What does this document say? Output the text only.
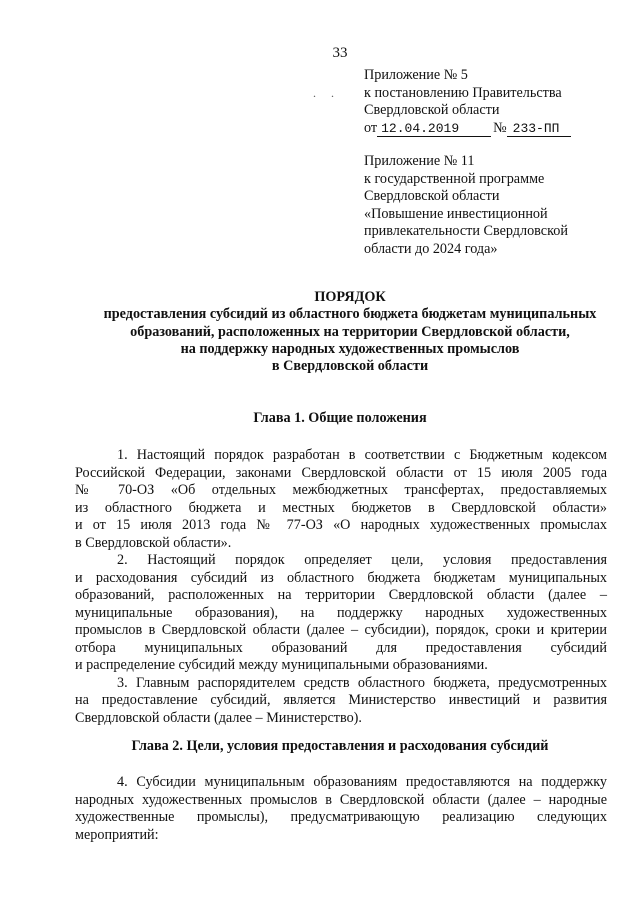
33
. .
Приложение № 5
к постановлению Правительства
Свердловской области
от 12.04.2019 № 233-ПП
Приложение № 11
к государственной программе
Свердловской области
«Повышение инвестиционной
привлекательности Свердловской
области до 2024 года»
ПОРЯДОК
предоставления субсидий из областного бюджета бюджетам муниципальных
образований, расположенных на территории Свердловской области,
на поддержку народных художественных промыслов
в Свердловской области
Глава 1. Общие положения
1. Настоящий порядок разработан в соответствии с Бюджетным кодексом
Российской Федерации, законами Свердловской области от 15 июля 2005 года
№ 70-ОЗ «Об отдельных межбюджетных трансфертах, предоставляемых
из областного бюджета и местных бюджетов в Свердловской области»
и от 15 июля 2013 года № 77-ОЗ «О народных художественных промыслах
в Свердловской области».
2. Настоящий порядок определяет цели, условия предоставления
и расходования субсидий из областного бюджета бюджетам муниципальных
образований, расположенных на территории Свердловской области (далее –
муниципальные образования), на поддержку народных художественных
промыслов в Свердловской области (далее – субсидии), порядок, сроки и критерии
отбора муниципальных образований для предоставления субсидий
и распределение субсидий между муниципальными образованиями.
3. Главным распорядителем средств областного бюджета, предусмотренных
на предоставление субсидий, является Министерство инвестиций и развития
Свердловской области (далее – Министерство).
Глава 2. Цели, условия предоставления и расходования субсидий
4. Субсидии муниципальным образованиям предоставляются на поддержку
народных художественных промыслов в Свердловской области (далее – народные
художественные промыслы), предусматривающую реализацию следующих
мероприятий:
